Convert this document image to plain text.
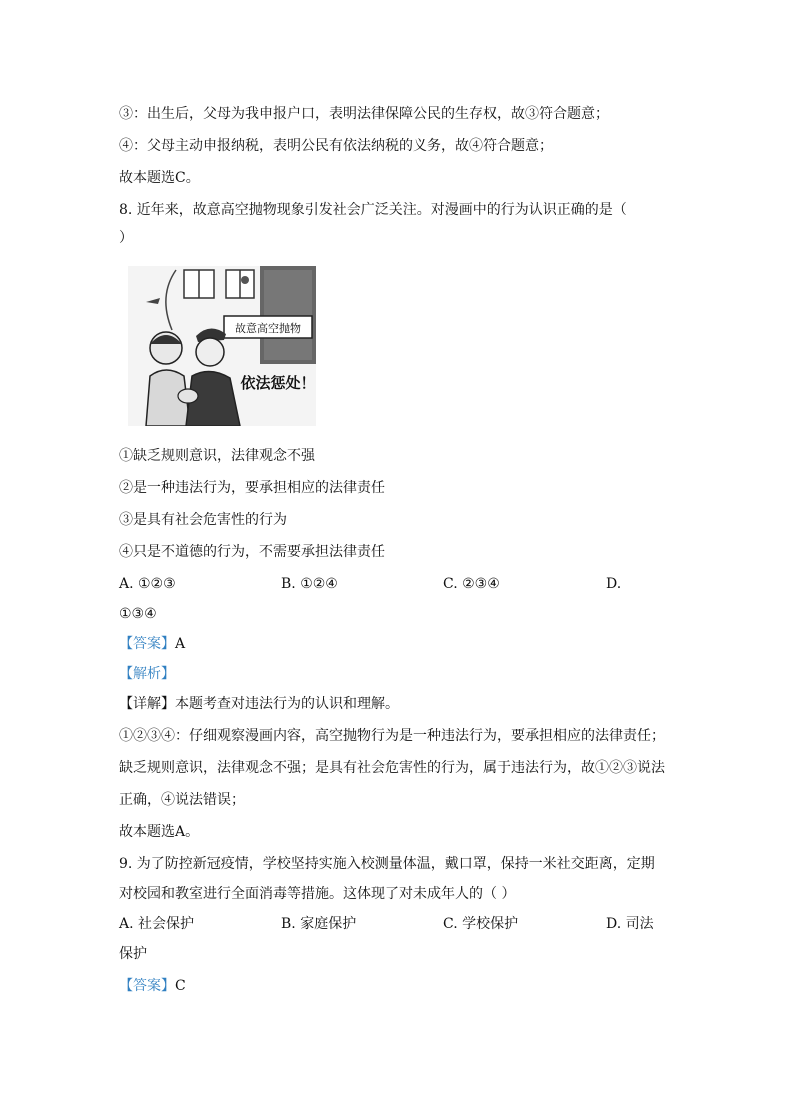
③：出生后，父母为我申报户口，表明法律保障公民的生存权，故③符合题意；
④：父母主动申报纳税，表明公民有依法纳税的义务，故④符合题意；
故本题选C。
8. 近年来，故意高空抛物现象引发社会广泛关注。对漫画中的行为认识正确的是（
）
故意高空抛物
依法惩处！
①缺乏规则意识，法律观念不强
②是一种违法行为，要承担相应的法律责任
③是具有社会危害性的行为
④只是不道德的行为，不需要承担法律责任
A. ①②③	B. ①②④	C. ②③④	D.
①③④
【答案】A
【解析】
【详解】本题考查对违法行为的认识和理解。
①②③④：仔细观察漫画内容，高空抛物行为是一种违法行为，要承担相应的法律责任；
缺乏规则意识，法律观念不强；是具有社会危害性的行为，属于违法行为，故①②③说法
正确，④说法错误；
故本题选A。
9. 为了防控新冠疫情，学校坚持实施入校测量体温，戴口罩，保持一米社交距离，定期
对校园和教室进行全面消毒等措施。这体现了对未成年人的（ ）
A. 社会保护	B. 家庭保护	C. 学校保护	D. 司法
保护
【答案】C
